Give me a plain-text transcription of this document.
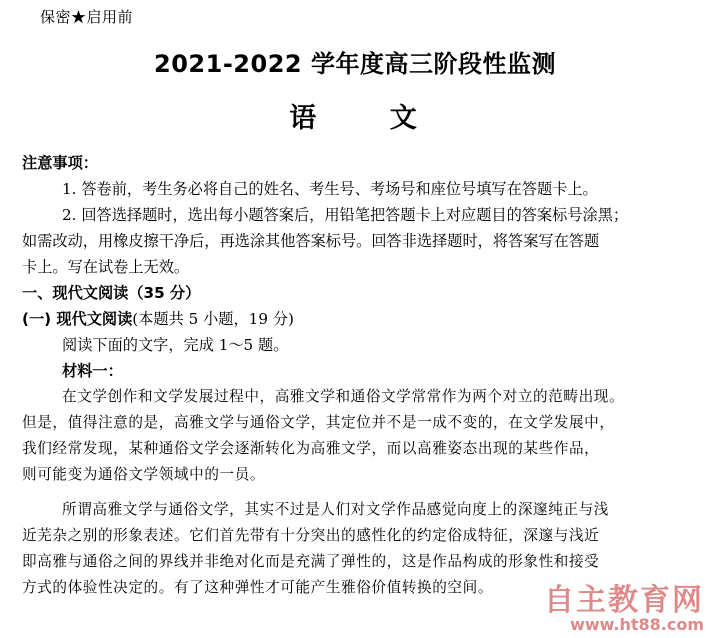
保密★启用前
2021-2022 学年度高三阶段性监测
语 文
注意事项：
1. 答卷前，考生务必将自己的姓名、考生号、考场号和座位号填写在答题卡上。
2. 回答选择题时，选出每小题答案后，用铅笔把答题卡上对应题目的答案标号涂黑；
如需改动，用橡皮擦干净后，再选涂其他答案标号。回答非选择题时，将答案写在答题
卡上。写在试卷上无效。
一、现代文阅读（35 分）
(一) 现代文阅读(本题共 5 小题，19 分)
阅读下面的文字，完成 1～5 题。
材料一：
在文学创作和文学发展过程中，高雅文学和通俗文学常常作为两个对立的范畴出现。
但是，值得注意的是，高雅文学与通俗文学，其定位并不是一成不变的，在文学发展中，
我们经常发现，某种通俗文学会逐渐转化为高雅文学，而以高雅姿态出现的某些作品，
则可能变为通俗文学领域中的一员。
所谓高雅文学与通俗文学，其实不过是人们对文学作品感觉向度上的深邃纯正与浅
近芜杂之别的形象表述。它们首先带有十分突出的感性化的约定俗成特征，深邃与浅近
即高雅与通俗之间的界线并非绝对化而是充满了弹性的，这是作品构成的形象性和接受
方式的体验性决定的。有了这种弹性才可能产生雅俗价值转换的空间。	自主教育网
www.ht88.com
